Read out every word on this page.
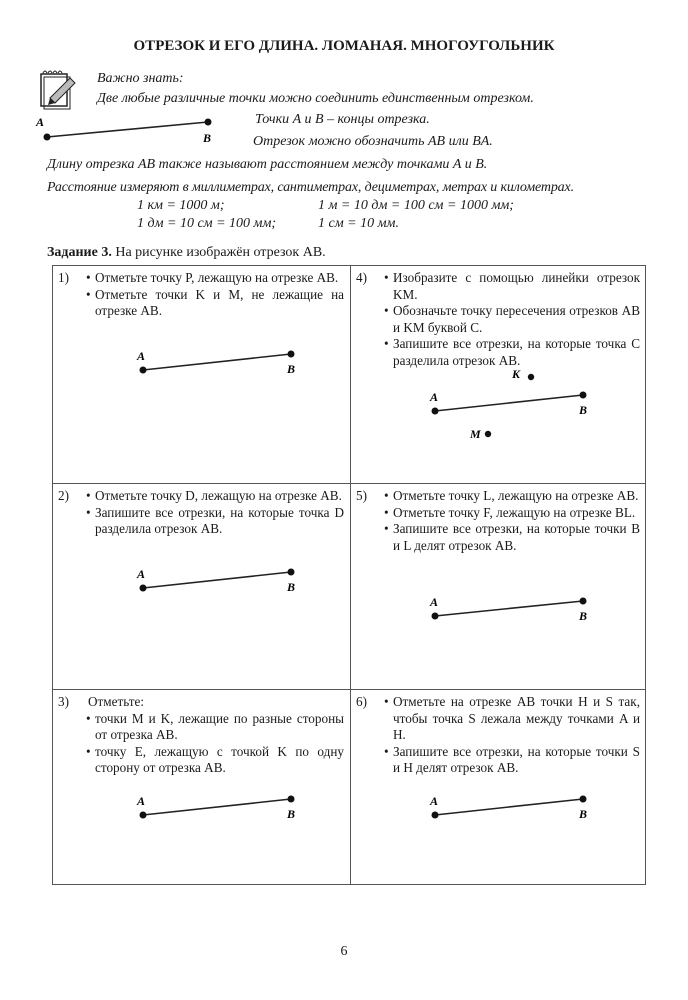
ОТРЕЗОК И ЕГО ДЛИНА. ЛОМАНАЯ. МНОГОУГОЛЬНИК
Важно знать:
Две любые различные точки можно соединить единственным отрезком.
A
B
Точки A и B – концы отрезка.
Отрезок можно обозначить AB или BA.
Длину отрезка AB также называют расстоянием между точками A и B.
Расстояние измеряют в миллиметрах, сантиметрах, дециметрах, метрах и километрах.
1 км = 1000 м;	1 м = 10 дм = 100 см = 1000 мм;
1 дм = 10 см = 100 мм;	1 см = 10 мм.
Задание 3. На рисунке изображён отрезок AB.
1)	• Отметьте точку P, лежащую на отрезке AB.
• Отметьте точки K и M, не лежащие на отрезке AB.
A
B
4)	• Изобразите с помощью линейки отрезок KM.
• Обозначьте точку пересечения отрезков AB и KM буквой C.
• Запишите все отрезки, на которые точка C разделила отрезок AB.
A
B
K
M
2)	• Отметьте точку D, лежащую на отрезке AB.
• Запишите все отрезки, на которые точка D разделила отрезок AB.
A
B
5)	• Отметьте точку L, лежащую на отрезке AB.
• Отметьте точку F, лежащую на отрезке BL.
• Запишите все отрезки, на которые точки B и L делят отрезок AB.
A
B
3) Отметьте:
• точки M и K, лежащие по разные стороны от отрезка AB.
• точку E, лежащую с точкой K по одну сторону от отрезка AB.
A
B
6)	• Отметьте на отрезке AB точки H и S так, чтобы точка S лежала между точками A и H.
• Запишите все отрезки, на которые точки S и H делят отрезок AB.
A
B
6
